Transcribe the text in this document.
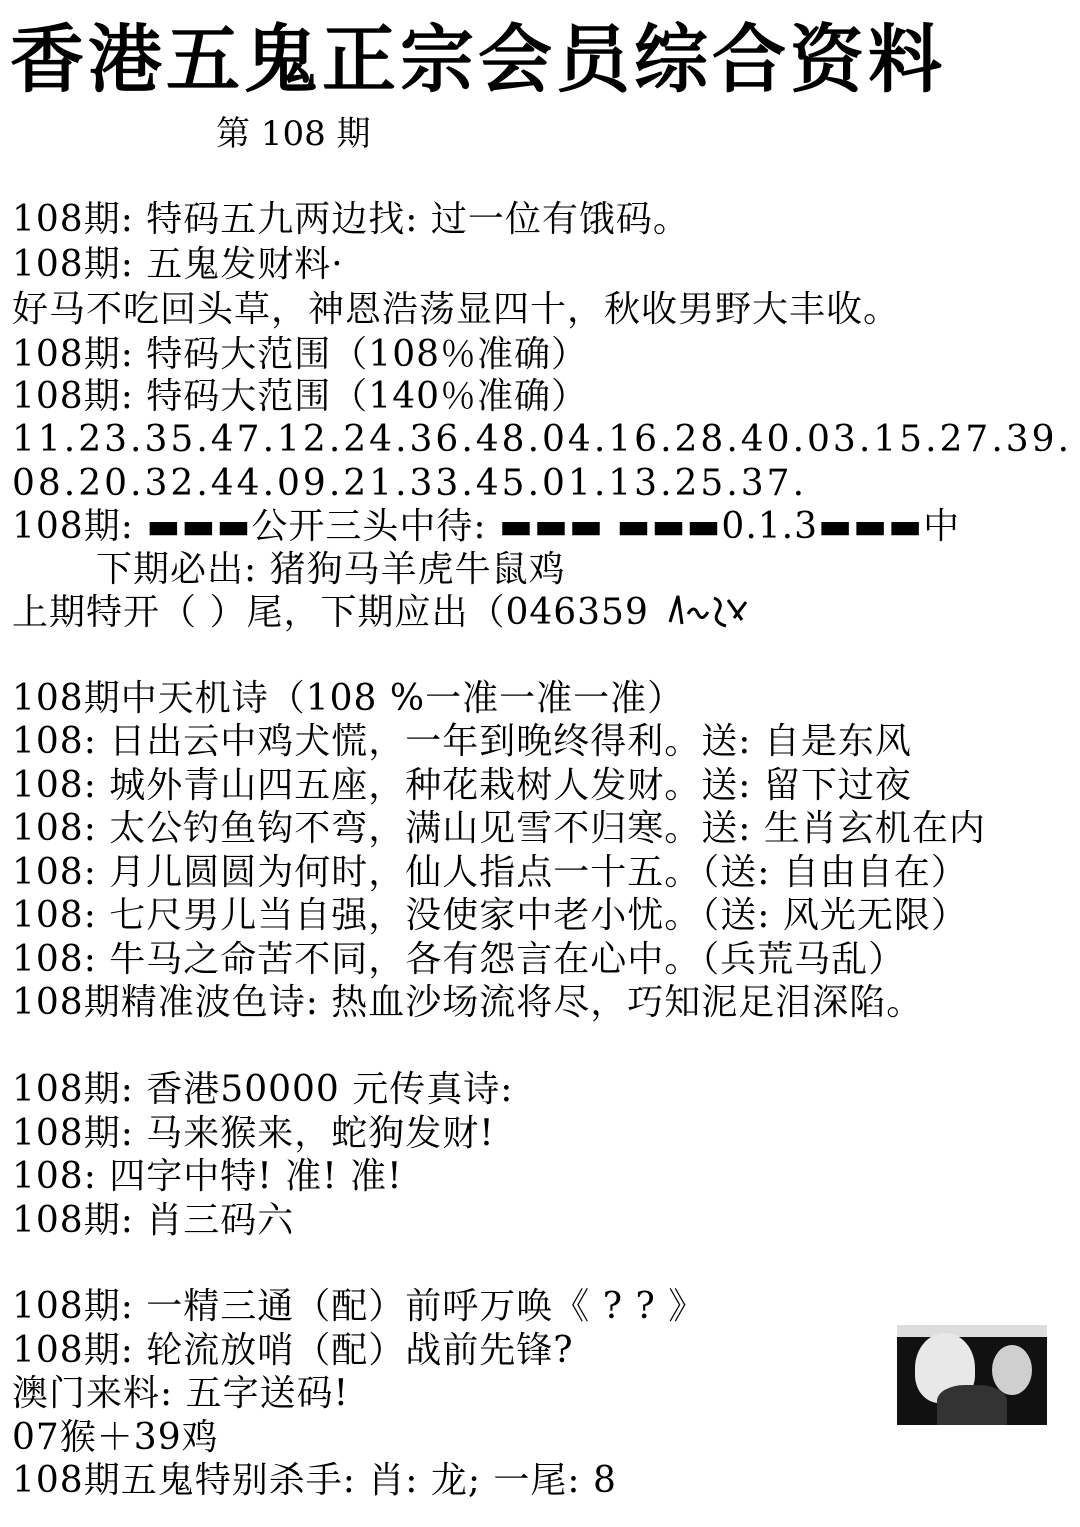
香港五鬼正宗会员综合资料
第 108 期
108期: 特码五九两边找: 过一位有饿码。
108期: 五鬼发财料·
好马不吃回头草，神恩浩荡显四十，秋收男野大丰收。
108期: 特码大范围（108％准确）
108期: 特码大范围（140％准确）
11.23.35.47.12.24.36.48.04.16.28.40.03.15.27.39.
08.20.32.44.09.21.33.45.01.13.25.37.
108期: ▬▬▬公开三头中待: ▬▬▬ ▬▬▬0.1.3▬▬▬中
下期必出: 猪狗马羊虎牛鼠鸡
上期特开（ ）尾，下期应出（046359
108期中天机诗（108 %一准一准一准）
108: 日出云中鸡犬慌，一年到晚终得利。送: 自是东风
108: 城外青山四五座，种花栽树人发财。送: 留下过夜
108: 太公钓鱼钩不弯，满山见雪不归寒。送: 生肖玄机在内
108: 月儿圆圆为何时，仙人指点一十五。（送: 自由自在）
108: 七尺男儿当自强，没使家中老小忧。（送: 风光无限）
108: 牛马之命苦不同，各有怨言在心中。（兵荒马乱）
108期精准波色诗: 热血沙场流将尽，巧知泥足泪深陷。
108期: 香港50000 元传真诗:
108期: 马来猴来，蛇狗发财!
108: 四字中特! 准! 准!
108期: 肖三码六
108期: 一精三通（配）前呼万唤《 ? ? 》
108期: 轮流放哨（配）战前先锋?
澳门来料: 五字送码!
07猴＋39鸡
108期五鬼特别杀手: 肖: 龙; 一尾: 8
